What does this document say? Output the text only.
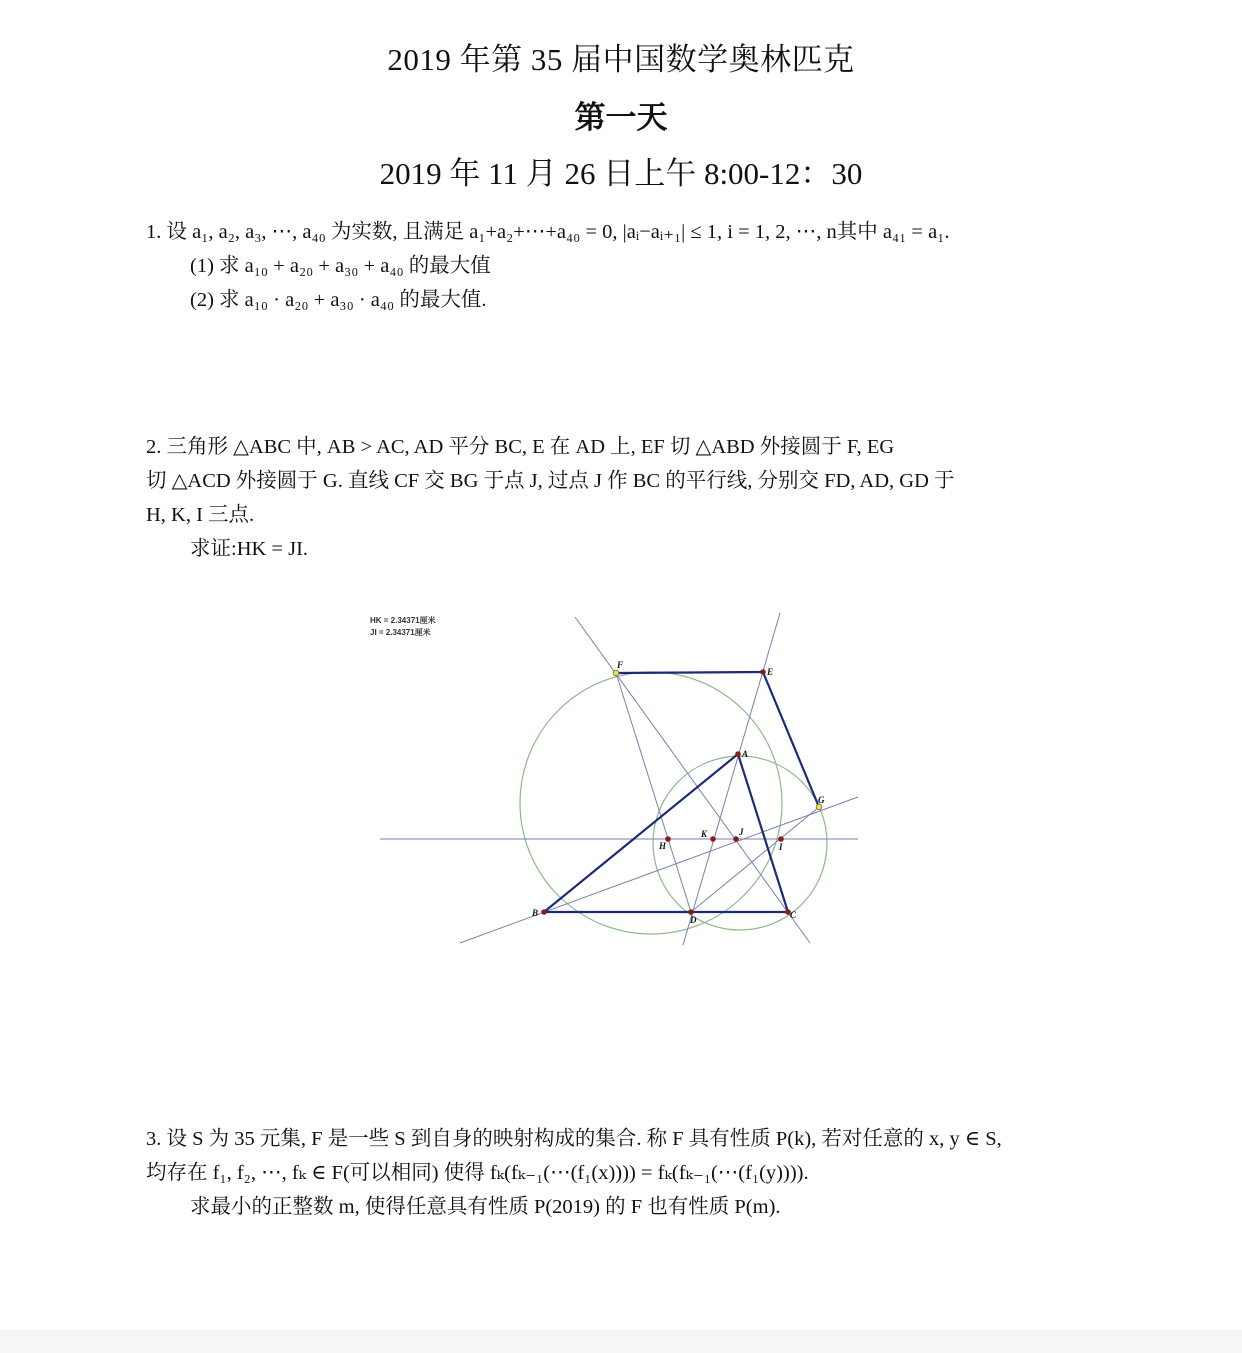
2019 年第 35 届中国数学奥林匹克
第一天
2019 年 11 月 26 日上午 8:00-12：30
1. 设 a₁, a₂, a₃, ⋯, a₄₀ 为实数, 且满足 a₁+a₂+⋯+a₄₀ = 0, |aᵢ−aᵢ₊₁| ≤ 1, i = 1, 2, ⋯, n其中 a₄₁ = a₁.
(1) 求 a₁₀ + a₂₀ + a₃₀ + a₄₀ 的最大值
(2) 求 a₁₀ · a₂₀ + a₃₀ · a₄₀ 的最大值.
2. 三角形 △ABC 中, AB > AC, AD 平分 BC, E 在 AD 上, EF 切 △ABD 外接圆于 F, EG
切 △ACD 外接圆于 G. 直线 CF 交 BG 于点 J, 过点 J 作 BC 的平行线, 分别交 FD, AD, GD 于
H, K, I 三点.
求证:HK = JI.
HK = 2.34371厘米
JI = 2.34371厘米
A
B	C
D
E
F
G
H
K	J
I
3. 设 S 为 35 元集, F 是一些 S 到自身的映射构成的集合. 称 F 具有性质 P(k), 若对任意的 x, y ∈ S,
均存在 f₁, f₂, ⋯, fₖ ∈ F(可以相同) 使得 fₖ(fₖ₋₁(⋯(f₁(x)))) = fₖ(fₖ₋₁(⋯(f₁(y)))).
求最小的正整数 m, 使得任意具有性质 P(2019) 的 F 也有性质 P(m).
